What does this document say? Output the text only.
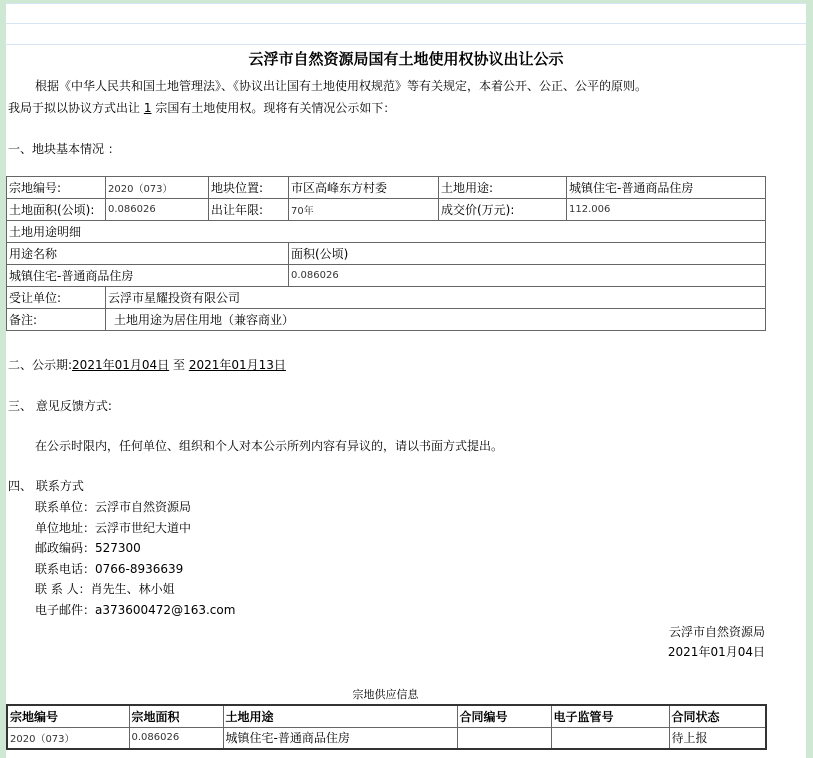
云浮市自然资源局国有土地使用权协议出让公示
根据《中华人民共和国土地管理法》、《协议出让国有土地使用权规范》等有关规定，本着公开、公正、公平的原则。
我局于拟以协议方式出让 1 宗国有土地使用权。现将有关情况公示如下：
一、地块基本情况 ：
宗地编号:	2020（073）	地块位置:	市区高峰东方村委	土地用途:	城镇住宅-普通商品住房
土地面积(公顷):	0.086026	出让年限:	70年	成交价(万元):	112.006
土地用途明细					
用途名称			面积(公顷)		
城镇住宅-普通商品住房			0.086026		
受让单位:	云浮市星耀投资有限公司				
备注:	土地用途为居住用地（兼容商业）				
二、公示期:2021年01月04日 至 2021年01月13日
三、 意见反馈方式:
在公示时限内，任何单位、组织和个人对本公示所列内容有异议的，请以书面方式提出。
四、 联系方式
联系单位：云浮市自然资源局
单位地址：云浮市世纪大道中
邮政编码：527300
联系电话：0766-8936639
联 系 人：肖先生、林小姐
电子邮件：a373600472@163.com
云浮市自然资源局
2021年01月04日
宗地供应信息
宗地编号	宗地面积	土地用途	合同编号	电子监管号	合同状态
2020（073）	0.086026	城镇住宅-普通商品住房			待上报
